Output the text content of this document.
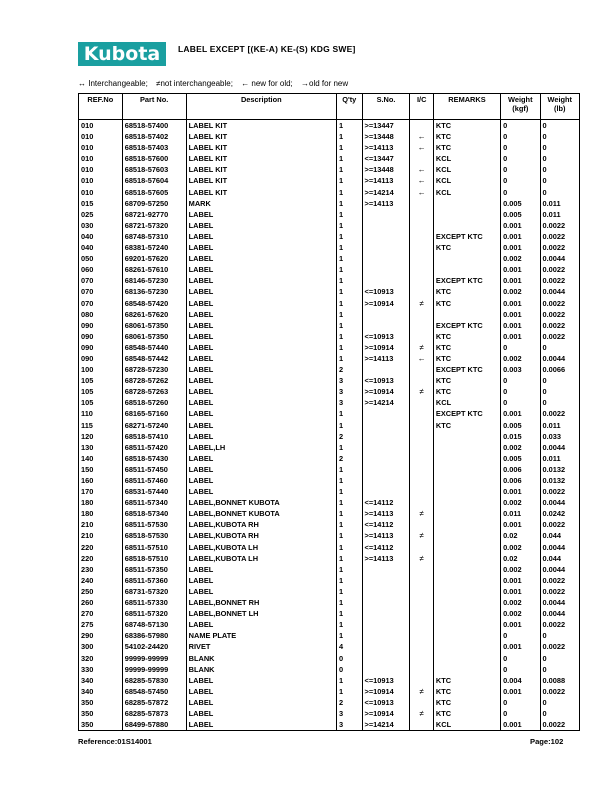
Kubota	LABEL EXCEPT [(KE-A) KE-(S) KDG SWE]
↔ Interchangeable; ≠not interchangeable; ← new for old; →old for new
REF.No	Part No.	Description	Q'ty	S.No.	I/C	REMARKS	Weight (kgf)	Weight (lb)
010	68518-57400	LABEL KIT	1	>=13447		KTC	0	0
010	68518-57402	LABEL KIT	1	>=13448	←	KTC	0	0
010	68518-57403	LABEL KIT	1	>=14113	←	KTC	0	0
010	68518-57600	LABEL KIT	1	<=13447		KCL	0	0
010	68518-57603	LABEL KIT	1	>=13448	←	KCL	0	0
010	68518-57604	LABEL KIT	1	>=14113	←	KCL	0	0
010	68518-57605	LABEL KIT	1	>=14214	←	KCL	0	0
015	68709-57250	MARK	1	>=14113			0.005	0.011
025	68721-92770	LABEL	1				0.005	0.011
030	68721-57320	LABEL	1				0.001	0.0022
040	68748-57310	LABEL	1			EXCEPT KTC	0.001	0.0022
040	68381-57240	LABEL	1			KTC	0.001	0.0022
050	69201-57620	LABEL	1				0.002	0.0044
060	68261-57610	LABEL	1				0.001	0.0022
070	68146-57230	LABEL	1			EXCEPT KTC	0.001	0.0022
070	68136-57230	LABEL	1	<=10913		KTC	0.002	0.0044
070	68548-57420	LABEL	1	>=10914	≠	KTC	0.001	0.0022
080	68261-57620	LABEL	1				0.001	0.0022
090	68061-57350	LABEL	1			EXCEPT KTC	0.001	0.0022
090	68061-57350	LABEL	1	<=10913		KTC	0.001	0.0022
090	68548-57440	LABEL	1	>=10914	≠	KTC	0	0
090	68548-57442	LABEL	1	>=14113	←	KTC	0.002	0.0044
100	68728-57230	LABEL	2			EXCEPT KTC	0.003	0.0066
105	68728-57262	LABEL	3	<=10913		KTC	0	0
105	68728-57263	LABEL	3	>=10914	≠	KTC	0	0
105	68518-57260	LABEL	3	>=14214		KCL	0	0
110	68165-57160	LABEL	1			EXCEPT KTC	0.001	0.0022
115	68271-57240	LABEL	1			KTC	0.005	0.011
120	68518-57410	LABEL	2				0.015	0.033
130	68511-57420	LABEL,LH	1				0.002	0.0044
140	68518-57430	LABEL	2				0.005	0.011
150	68511-57450	LABEL	1				0.006	0.0132
160	68511-57460	LABEL	1				0.006	0.0132
170	68531-57440	LABEL	1				0.001	0.0022
180	68511-57340	LABEL,BONNET KUBOTA	1	<=14112			0.002	0.0044
180	68518-57340	LABEL,BONNET KUBOTA	1	>=14113	≠		0.011	0.0242
210	68511-57530	LABEL,KUBOTA RH	1	<=14112			0.001	0.0022
210	68518-57530	LABEL,KUBOTA RH	1	>=14113	≠		0.02	0.044
220	68511-57510	LABEL,KUBOTA LH	1	<=14112			0.002	0.0044
220	68518-57510	LABEL,KUBOTA LH	1	>=14113	≠		0.02	0.044
230	68511-57350	LABEL	1				0.002	0.0044
240	68511-57360	LABEL	1				0.001	0.0022
250	68731-57320	LABEL	1				0.001	0.0022
260	68511-57330	LABEL,BONNET RH	1				0.002	0.0044
270	68511-57320	LABEL,BONNET LH	1				0.002	0.0044
275	68748-57130	LABEL	1				0.001	0.0022
290	68386-57980	NAME PLATE	1				0	0
300	54102-24420	RIVET	4				0.001	0.0022
320	99999-99999	BLANK	0				0	0
330	99999-99999	BLANK	0				0	0
340	68285-57830	LABEL	1	<=10913		KTC	0.004	0.0088
340	68548-57450	LABEL	1	>=10914	≠	KTC	0.001	0.0022
350	68285-57872	LABEL	2	<=10913		KTC	0	0
350	68285-57873	LABEL	3	>=10914	≠	KTC	0	0
350	68499-57880	LABEL	3	>=14214		KCL	0.001	0.0022
Reference:01S14001	Page:102
